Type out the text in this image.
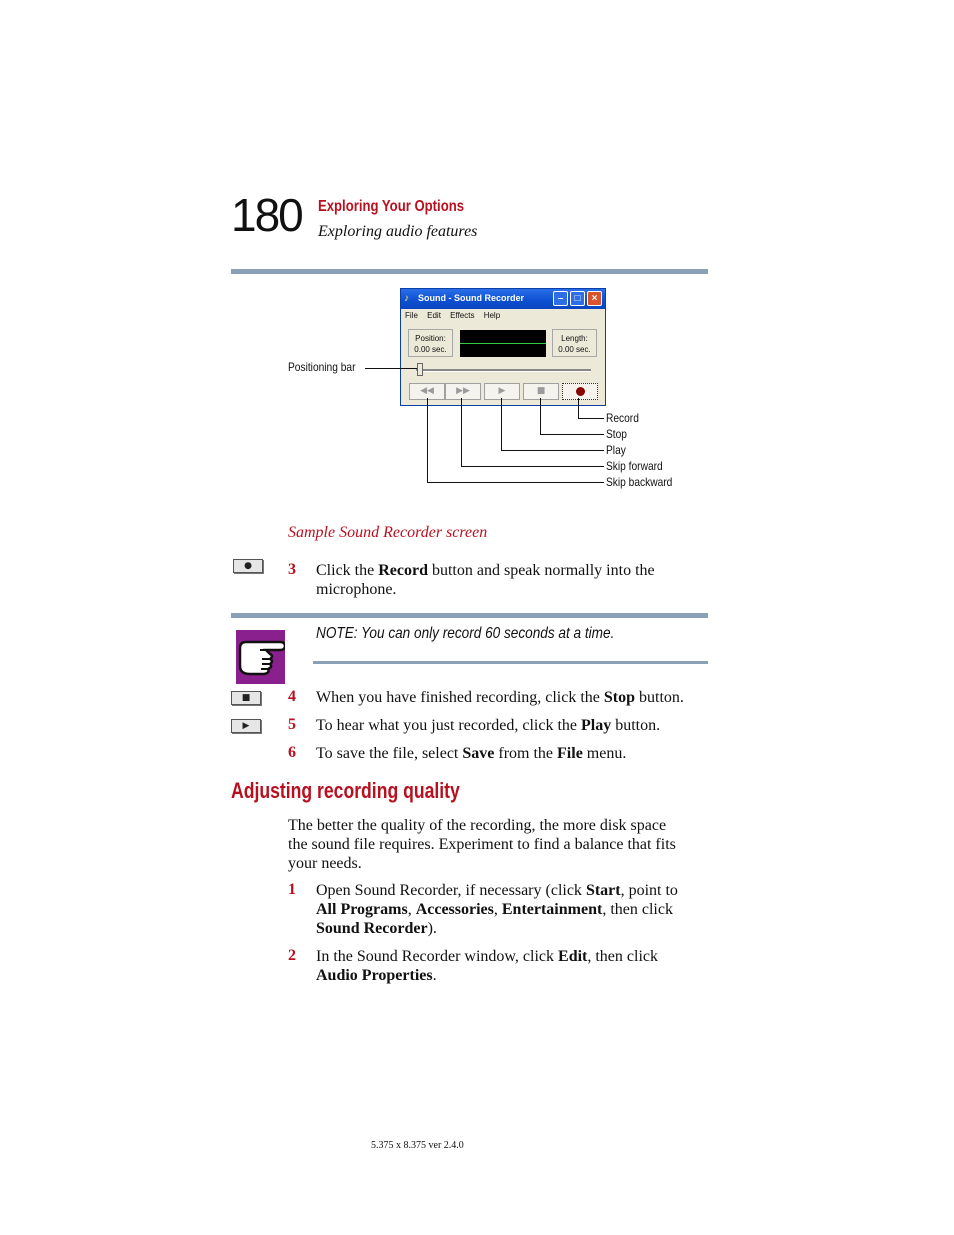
180 Exploring Your Options
Exploring audio features
♪	Sound - Sound Recorder	–	□	×
File Edit Effects Help
Position:
0.00 sec.
Length:
0.00 sec.
◀◀	▶▶	▶	■
Positioning bar
Record
Stop
Play
Skip forward
Skip backward
Sample Sound Recorder screen
●	3 Click the Record button and speak normally into the
microphone.
NOTE: You can only record 60 seconds at a time.
■	4 When you have finished recording, click the Stop button.
▶	5 To hear what you just recorded, click the Play button.
6 To save the file, select Save from the File menu.
Adjusting recording quality
The better the quality of the recording, the more disk space
the sound file requires. Experiment to find a balance that fits
your needs.
1 Open Sound Recorder, if necessary (click Start, point to
All Programs, Accessories, Entertainment, then click
Sound Recorder).
2 In the Sound Recorder window, click Edit, then click
Audio Properties.
5.375 x 8.375 ver 2.4.0
